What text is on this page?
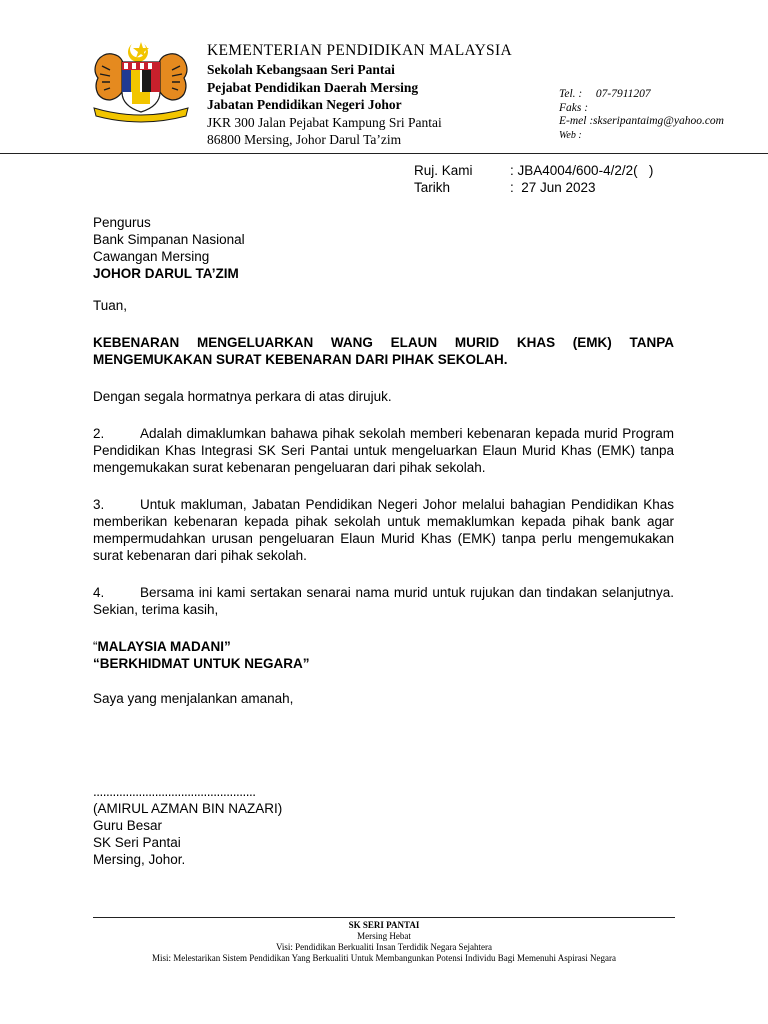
KEMENTERIAN PENDIDIKAN MALAYSIA
Sekolah Kebangsaan Seri Pantai
Pejabat Pendidikan Daerah Mersing
Jabatan Pendidikan Negeri Johor
JKR 300 Jalan Pejabat Kampung Sri Pantai
86800 Mersing, Johor Darul Ta’zim
Tel. : 07-7911207
Faks :
E-mel :skseripantaimg@yahoo.com
Web :
Ruj. Kami	: JBA4004/600-4/2/2(   )
Tarikh	:  27 Jun 2023
Pengurus
Bank Simpanan Nasional
Cawangan Mersing
JOHOR DARUL TA’ZIM
Tuan,
KEBENARAN MENGELUARKAN WANG ELAUN MURID KHAS (EMK) TANPA MENGEMUKAKAN SURAT KEBENARAN DARI PIHAK SEKOLAH.
Dengan segala hormatnya perkara di atas dirujuk.
2.	Adalah dimaklumkan bahawa pihak sekolah memberi kebenaran kepada murid Program Pendidikan Khas Integrasi SK Seri Pantai untuk mengeluarkan Elaun Murid Khas (EMK) tanpa mengemukakan surat kebenaran pengeluaran dari pihak sekolah.
3.	Untuk makluman, Jabatan Pendidikan Negeri Johor melalui bahagian Pendidikan Khas memberikan kebenaran kepada pihak sekolah untuk memaklumkan kepada pihak bank agar mempermudahkan urusan pengeluaran Elaun Murid Khas (EMK) tanpa perlu mengemukakan surat kebenaran dari pihak sekolah.
4.	Bersama ini kami sertakan senarai nama murid untuk rujukan dan tindakan selanjutnya. Sekian, terima kasih,
“MALAYSIA MADANI”
“BERKHIDMAT UNTUK NEGARA”
Saya yang menjalankan amanah,
..................................................
(AMIRUL AZMAN BIN NAZARI)
Guru Besar
SK Seri Pantai
Mersing, Johor.
SK SERI PANTAI
Mersing Hebat
Visi: Pendidikan Berkualiti Insan Terdidik Negara Sejahtera
Misi: Melestarikan Sistem Pendidikan Yang Berkualiti Untuk Membangunkan Potensi Individu Bagi Memenuhi Aspirasi Negara
